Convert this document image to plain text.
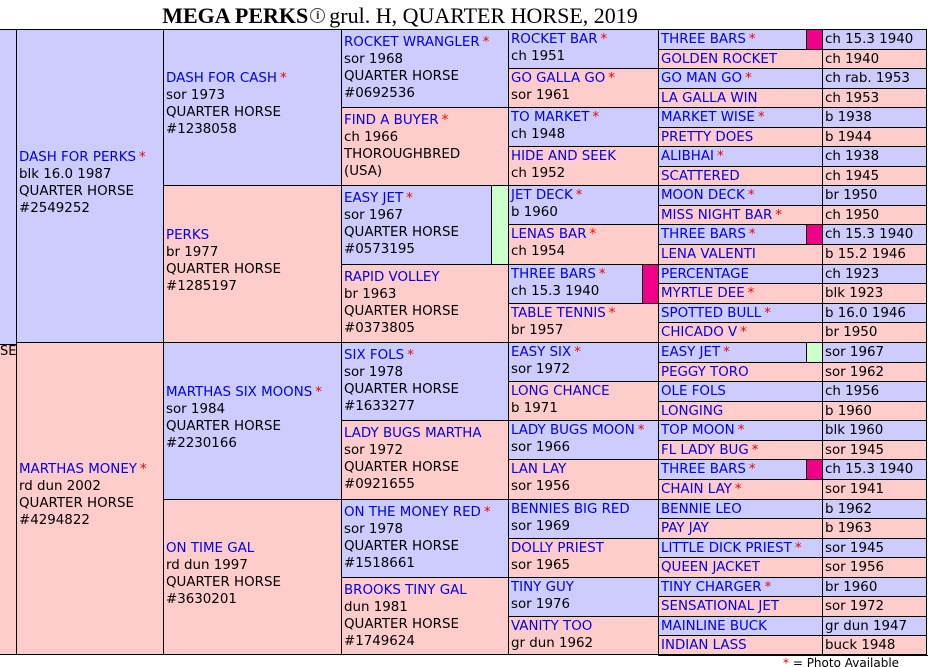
MEGA PERKSi grul. H, QUARTER HORSE, 2019
SE
DASH FOR PERKS *
blk 16.0 1987
QUARTER HORSE
#2549252
MARTHAS MONEY *
rd dun 2002
QUARTER HORSE
#4294822
DASH FOR CASH *
sor 1973
QUARTER HORSE
#1238058
PERKS
br 1977
QUARTER HORSE
#1285197
MARTHAS SIX MOONS *
sor 1984
QUARTER HORSE
#2230166
ON TIME GAL
rd dun 1997
QUARTER HORSE
#3630201
ROCKET WRANGLER *
sor 1968
QUARTER HORSE
#0692536
FIND A BUYER *
ch 1966
THOROUGHBRED
(USA)
EASY JET *
sor 1967
QUARTER HORSE
#0573195
RAPID VOLLEY
br 1963
QUARTER HORSE
#0373805
SIX FOLS *
sor 1978
QUARTER HORSE
#1633277
LADY BUGS MARTHA
sor 1972
QUARTER HORSE
#0921655
ON THE MONEY RED *
sor 1978
QUARTER HORSE
#1518661
BROOKS TINY GAL
dun 1981
QUARTER HORSE
#1749624
ROCKET BAR *
ch 1951
GO GALLA GO *
sor 1961
TO MARKET *
ch 1948
HIDE AND SEEK
ch 1952
JET DECK *
b 1960
LENAS BAR *
ch 1954
THREE BARS *
ch 15.3 1940
TABLE TENNIS *
br 1957
EASY SIX *
sor 1972
LONG CHANCE
b 1971
LADY BUGS MOON *
sor 1966
LAN LAY
sor 1956
BENNIES BIG RED
sor 1969
DOLLY PRIEST
sor 1965
TINY GUY
sor 1976
VANITY TOO
gr dun 1962
THREE BARS *	ch 15.3 1940
GOLDEN ROCKET	ch 1940
GO MAN GO *	ch rab. 1953
LA GALLA WIN	ch 1953
MARKET WISE *	b 1938
PRETTY DOES	b 1944
ALIBHAI *	ch 1938
SCATTERED	ch 1945
MOON DECK *	br 1950
MISS NIGHT BAR *	ch 1950
THREE BARS *	ch 15.3 1940
LENA VALENTI	b 15.2 1946
PERCENTAGE	ch 1923
MYRTLE DEE *	blk 1923
SPOTTED BULL *	b 16.0 1946
CHICADO V *	br 1950
EASY JET *	sor 1967
PEGGY TORO	sor 1962
OLE FOLS	ch 1956
LONGING	b 1960
TOP MOON *	blk 1960
FL LADY BUG *	sor 1945
THREE BARS *	ch 15.3 1940
CHAIN LAY *	sor 1941
BENNIE LEO	b 1962
PAY JAY	b 1963
LITTLE DICK PRIEST *	sor 1945
QUEEN JACKET	sor 1956
TINY CHARGER *	br 1960
SENSATIONAL JET	sor 1972
MAINLINE BUCK	gr dun 1947
INDIAN LASS	buck 1948
* = Photo Available
